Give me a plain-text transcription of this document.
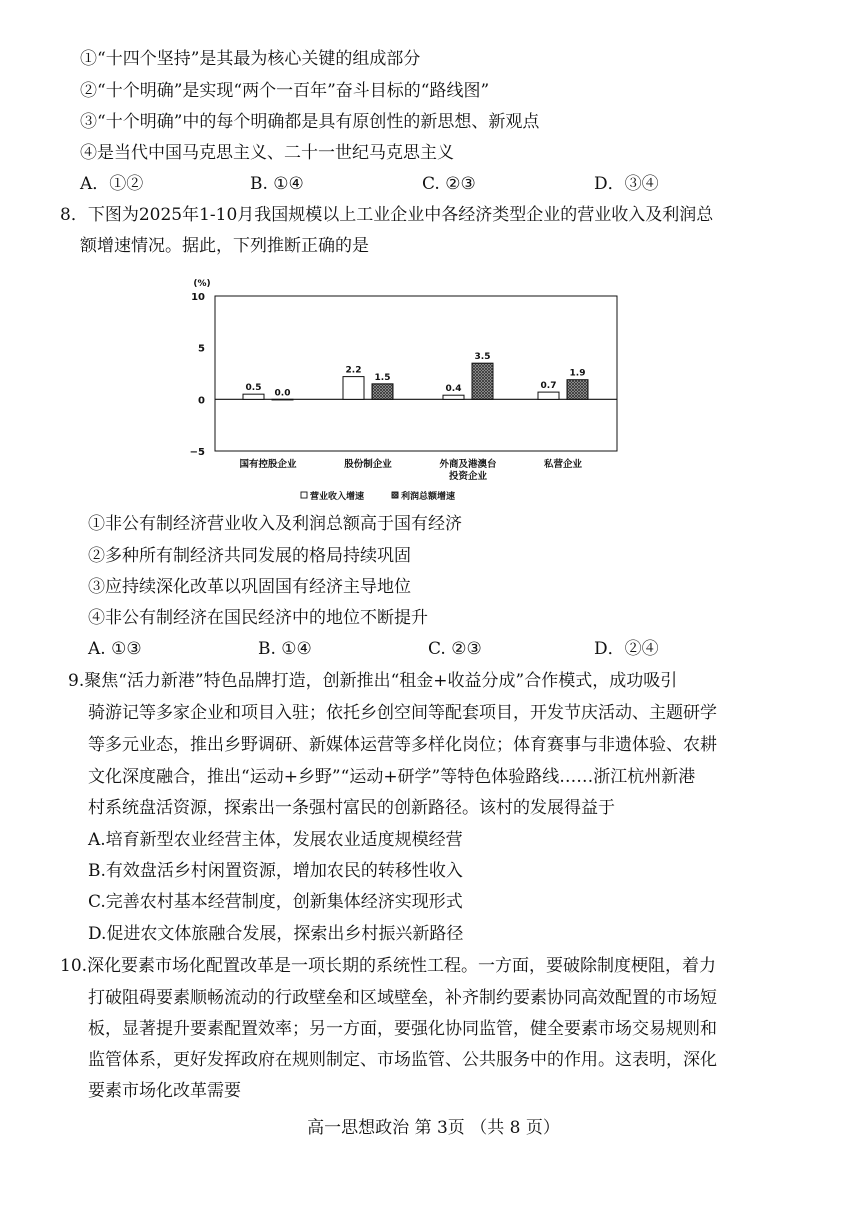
①“十四个坚持”是其最为核心关键的组成部分
②“十个明确”是实现“两个一百年”奋斗目标的“路线图”
③“十个明确”中的每个明确都是具有原创性的新思想、新观点
④是当代中国马克思主义、二十一世纪马克思主义
A．①②	B. ①④	C. ②③	D．③④
8．下图为2025年1-10月我国规模以上工业企业中各经济类型企业的营业收入及利润总
额增速情况。据此，下列推断正确的是
(%)
10
5
0
−5
0.5
0.0
国有控股企业
2.2
1.5
股份制企业
0.4
3.5
外商及港澳台
投资企业
0.7
1.9
私营企业
营业收入增速	利润总额增速
①非公有制经济营业收入及利润总额高于国有经济
②多种所有制经济共同发展的格局持续巩固
③应持续深化改革以巩固国有经济主导地位
④非公有制经济在国民经济中的地位不断提升
A. ①③	B. ①④	C. ②③	D．②④
9.聚焦“活力新港”特色品牌打造，创新推出“租金+收益分成”合作模式，成功吸引
骑游记等多家企业和项目入驻；依托乡创空间等配套项目，开发节庆活动、主题研学
等多元业态，推出乡野调研、新媒体运营等多样化岗位；体育赛事与非遗体验、农耕
文化深度融合，推出“运动+乡野”“运动+研学”等特色体验路线……浙江杭州新港
村系统盘活资源，探索出一条强村富民的创新路径。该村的发展得益于
A.培育新型农业经营主体，发展农业适度规模经营
B.有效盘活乡村闲置资源，增加农民的转移性收入
C.完善农村基本经营制度，创新集体经济实现形式
D.促进农文体旅融合发展，探索出乡村振兴新路径
10.深化要素市场化配置改革是一项长期的系统性工程。一方面，要破除制度梗阻，着力
打破阻碍要素顺畅流动的行政壁垒和区域壁垒，补齐制约要素协同高效配置的市场短
板，显著提升要素配置效率；另一方面，要强化协同监管，健全要素市场交易规则和
监管体系，更好发挥政府在规则制定、市场监管、公共服务中的作用。这表明，深化
要素市场化改革需要
高一思想政治 第 3页 （共 8 页）
